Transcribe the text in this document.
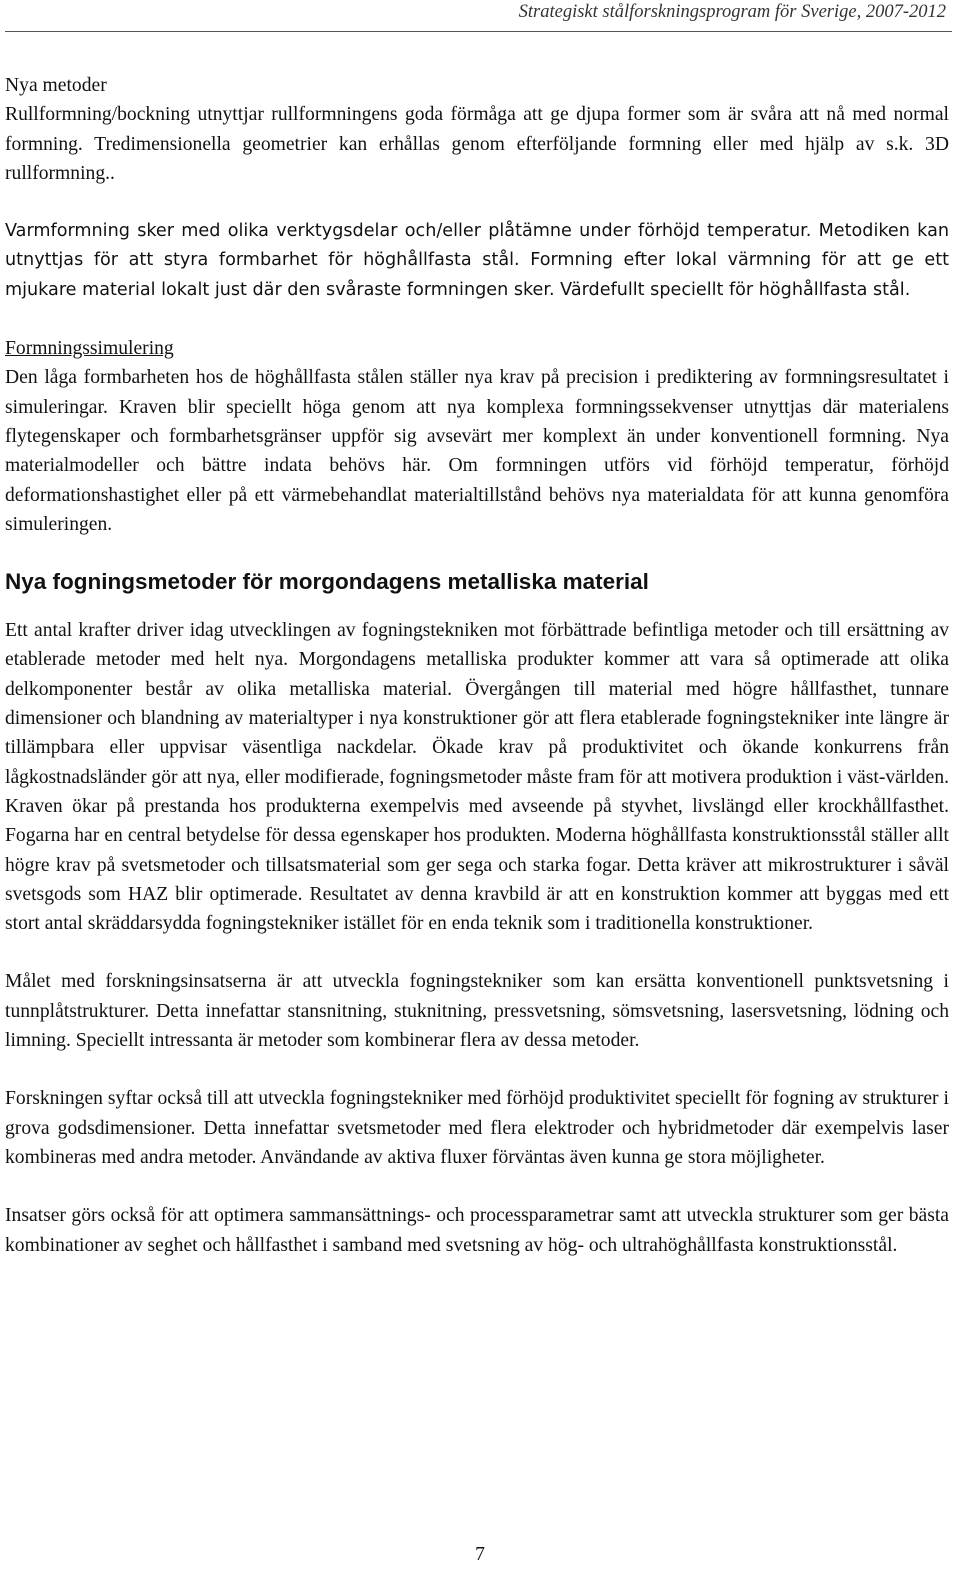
Strategiskt stålforskningsprogram för Sverige, 2007-2012

Nya metoder
Rullformning/bockning utnyttjar rullformningens goda förmåga att ge djupa former som är svåra att nå med normal formning. Tredimensionella geometrier kan erhållas genom efterföljande formning eller med hjälp av s.k. 3D rullformning..

Varmformning sker med olika verktygsdelar och/eller plåtämne under förhöjd temperatur. Metodiken kan utnyttjas för att styra formbarhet för höghållfasta stål. Formning efter lokal värmning för att ge ett mjukare material lokalt just där den svåraste formningen sker. Värdefullt speciellt för höghållfasta stål.

Formningssimulering
Den låga formbarheten hos de höghållfasta stålen ställer nya krav på precision i prediktering av formningsresultatet i simuleringar. Kraven blir speciellt höga genom att nya komplexa formningssekvenser utnyttjas där materialens flytegenskaper och formbarhetsgränser uppför sig avsevärt mer komplext än under konventionell formning. Nya materialmodeller och bättre indata behövs här. Om formningen utförs vid förhöjd temperatur, förhöjd deformationshastighet eller på ett värmebehandlat materialtillstånd behövs nya materialdata för att kunna genomföra simuleringen.

Nya fogningsmetoder för morgondagens metalliska material

Ett antal krafter driver idag utvecklingen av fogningstekniken mot förbättrade befintliga metoder och till ersättning av etablerade metoder med helt nya. Morgondagens metalliska produkter kommer att vara så optimerade att olika delkomponenter består av olika metalliska material. Övergången till material med högre hållfasthet, tunnare dimensioner och blandning av materialtyper i nya konstruktioner gör att flera etablerade fogningstekniker inte längre är tillämpbara eller uppvisar väsentliga nackdelar. Ökade krav på produktivitet och ökande konkurrens från lågkostnadsländer gör att nya, eller modifierade, fogningsmetoder måste fram för att motivera produktion i väst-världen. Kraven ökar på prestanda hos produkterna exempelvis med avseende på styvhet, livslängd eller krockhållfasthet. Fogarna har en central betydelse för dessa egenskaper hos produkten. Moderna höghållfasta konstruktionsstål ställer allt högre krav på svetsmetoder och tillsatsmaterial som ger sega och starka fogar. Detta kräver att mikrostrukturer i såväl svetsgods som HAZ blir optimerade. Resultatet av denna kravbild är att en konstruktion kommer att byggas med ett stort antal skräddarsydda fogningstekniker istället för en enda teknik som i traditionella konstruktioner.

Målet med forskningsinsatserna är att utveckla fogningstekniker som kan ersätta konventionell punktsvetsning i tunnplåtstrukturer. Detta innefattar stansnitning, stuknitning, pressvetsning, sömsvetsning, lasersvetsning, lödning och limning. Speciellt intressanta är metoder som kombinerar flera av dessa metoder.

Forskningen syftar också till att utveckla fogningstekniker med förhöjd produktivitet speciellt för fogning av strukturer i grova godsdimensioner. Detta innefattar svetsmetoder med flera elektroder och hybridmetoder där exempelvis laser kombineras med andra metoder. Användande av aktiva fluxer förväntas även kunna ge stora möjligheter.

Insatser görs också för att optimera sammansättnings- och processparametrar samt att utveckla strukturer som ger bästa kombinationer av seghet och hållfasthet i samband med svetsning av hög- och ultrahöghållfasta konstruktionsstål.

7
